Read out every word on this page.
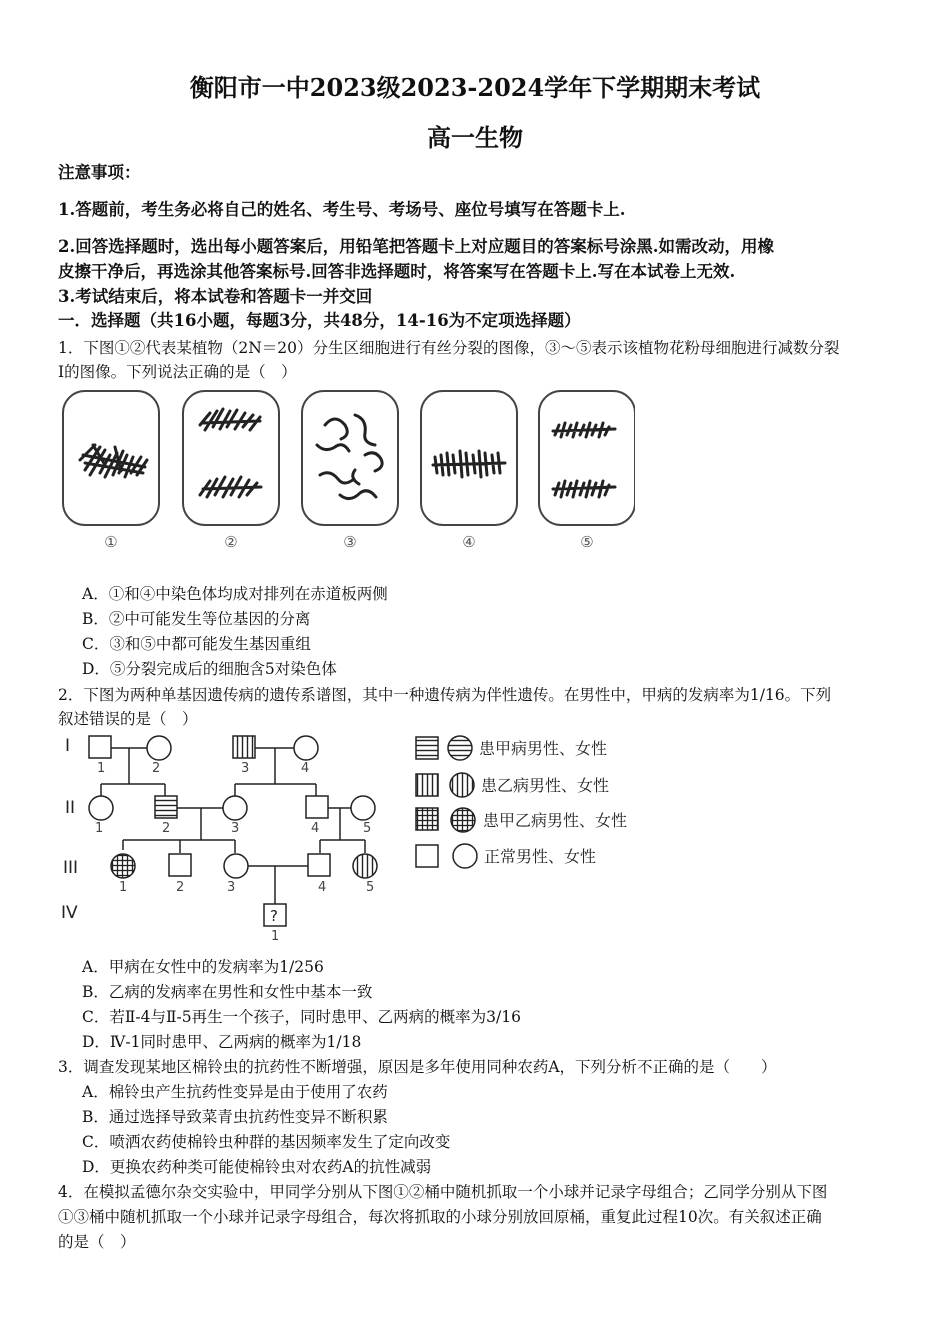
衡阳市一中2023级2023-2024学年下学期期末考试
高一生物
注意事项：
1.答题前，考生务必将自己的姓名、考生号、考场号、座位号填写在答题卡上.
2.回答选择题时，选出每小题答案后，用铅笔把答题卡上对应题目的答案标号涂黑.如需改动，用橡
皮擦干净后，再选涂其他答案标号.回答非选择题时，将答案写在答题卡上.写在本试卷上无效.
3.考试结束后，将本试卷和答题卡一并交回
一．选择题（共16小题，每题3分，共48分，14-16为不定项选择题）
1．下图①②代表某植物（2N＝20）分生区细胞进行有丝分裂的图像，③～⑤表示该植物花粉母细胞进行减数分裂
Ⅰ的图像。下列说法正确的是（　）
①	②	③	④	⑤
A．①和④中染色体均成对排列在赤道板两侧
B．②中可能发生等位基因的分离
C．③和⑤中都可能发生基因重组
D．⑤分裂完成后的细胞含5对染色体
2．下图为两种单基因遗传病的遗传系谱图，其中一种遗传病为伴性遗传。在男性中，甲病的发病率为1/16。下列
叙述错误的是（　）
I
II
III
IV
1	2	3	4
1	2	3	4	5
1	2	3	4	5
?
1
患甲病男性、女性
患乙病男性、女性
患甲乙病男性、女性
正常男性、女性
A．甲病在女性中的发病率为1/256
B．乙病的发病率在男性和女性中基本一致
C．若Ⅱ-4与Ⅱ-5再生一个孩子，同时患甲、乙两病的概率为3/16
D．Ⅳ-1同时患甲、乙两病的概率为1/18
3．调查发现某地区棉铃虫的抗药性不断增强，原因是多年使用同种农药A，下列分析不正确的是（　　）
A．棉铃虫产生抗药性变异是由于使用了农药
B．通过选择导致菜青虫抗药性变异不断积累
C．喷洒农药使棉铃虫种群的基因频率发生了定向改变
D．更换农药种类可能使棉铃虫对农药A的抗性减弱
4．在模拟孟德尔杂交实验中，甲同学分别从下图①②桶中随机抓取一个小球并记录字母组合；乙同学分别从下图
①③桶中随机抓取一个小球并记录字母组合，每次将抓取的小球分别放回原桶，重复此过程10次。有关叙述正确
的是（　）
